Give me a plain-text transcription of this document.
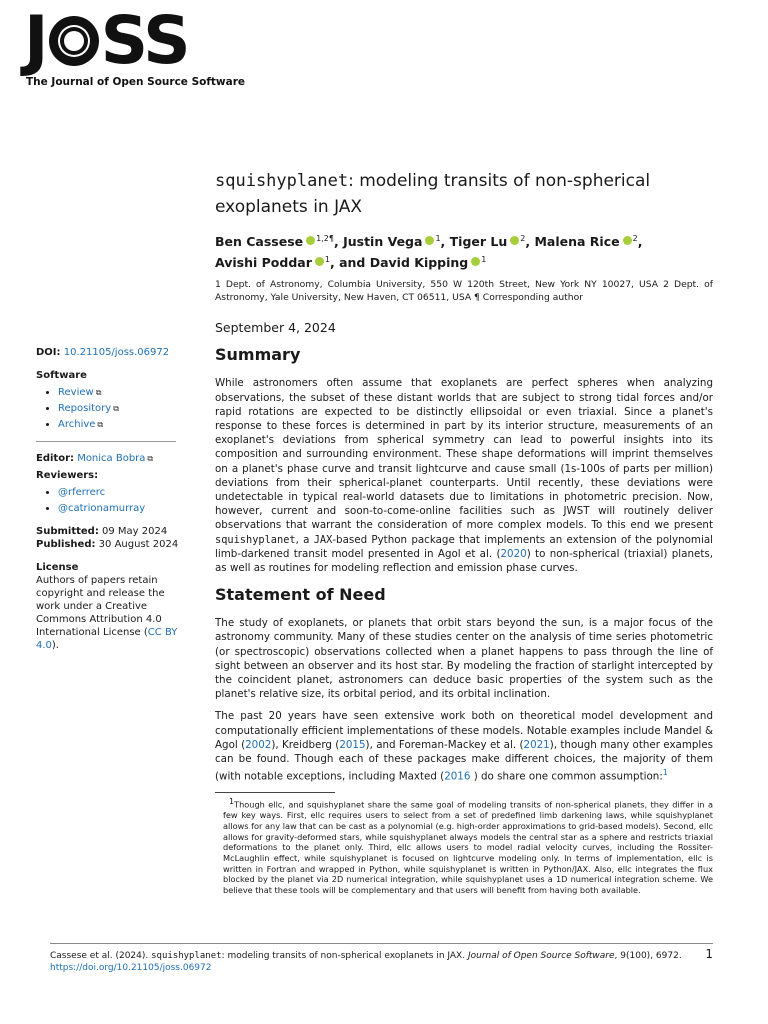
J SS
The Journal of Open Source Software
DOI: 10.21105/joss.06972
Software
• Review ⧉
• Repository ⧉
• Archive ⧉
Editor: Monica Bobra ⧉
Reviewers:
• @rferrerc
• @catrionamurray
Submitted: 09 May 2024
Published: 30 August 2024
License
Authors of papers retain copyright and release the work under a Creative Commons Attribution 4.0 International License (CC BY 4.0).
squishyplanet: modeling transits of non-spherical exoplanets in JAX
Ben Cassese $^{1,2\P}$, Justin Vega $^1$, Tiger Lu $^2$, Malena Rice $^2$,
Avishi Poddar $^1$, and David Kipping $^1$
1 Dept. of Astronomy, Columbia University, 550 W 120th Street, New York NY 10027, USA 2 Dept. of Astronomy, Yale University, New Haven, CT 06511, USA ¶ Corresponding author
September 4, 2024
Summary

While astronomers often assume that exoplanets are perfect spheres when analyzing observations, the subset of these distant worlds that are subject to strong tidal forces and/or rapid rotations are expected to be distinctly ellipsoidal or even triaxial. Since a planet's response to these forces is determined in part by its interior structure, measurements of an exoplanet's deviations from spherical symmetry can lead to powerful insights into its composition and surrounding environment. These shape deformations will imprint themselves on a planet's phase curve and transit lightcurve and cause small (1s-100s of parts per million) deviations from their spherical-planet counterparts. Until recently, these deviations were undetectable in typical real-world datasets due to limitations in photometric precision. Now, however, current and soon-to-come-online facilities such as JWST will routinely deliver observations that warrant the consideration of more complex models. To this end we present squishyplanet, a JAX-based Python package that implements an extension of the polynomial limb-darkened transit model presented in Agol et al. (2020) to non-spherical (triaxial) planets, as well as routines for modeling reflection and emission phase curves.

Statement of Need

The study of exoplanets, or planets that orbit stars beyond the sun, is a major focus of the astronomy community. Many of these studies center on the analysis of time series photometric (or spectroscopic) observations collected when a planet happens to pass through the line of sight between an observer and its host star. By modeling the fraction of starlight intercepted by the coincident planet, astronomers can deduce basic properties of the system such as the planet's relative size, its orbital period, and its orbital inclination.

The past 20 years have seen extensive work both on theoretical model development and computationally efficient implementations of these models. Notable examples include Mandel & Agol (2002), Kreidberg (2015), and Foreman-Mackey et al. (2021), though many other examples can be found. Though each of these packages make different choices, the majority of them (with notable exceptions, including Maxted (2016 ) do share one common assumption:$^1$

$^1$Though ellc, and squishyplanet share the same goal of modeling transits of non-spherical planets, they differ in a few key ways. First, ellc requires users to select from a set of predefined limb darkening laws, while squishyplanet allows for any law that can be cast as a polynomial (e.g. high-order approximations to grid-based models). Second, ellc allows for gravity-deformed stars, while squishyplanet always models the central star as a sphere and restricts triaxial deformations to the planet only. Third, ellc allows users to model radial velocity curves, including the Rossiter-McLaughlin effect, while squishyplanet is focused on lightcurve modeling only. In terms of implementation, ellc is written in Fortran and wrapped in Python, while squishyplanet is written in Python/JAX. Also, ellc integrates the flux blocked by the planet via 2D numerical integration, while squishyplanet uses a 1D numerical integration scheme. We believe that these tools will be complementary and that users will benefit from having both available.
Cassese et al. (2024). squishyplanet: modeling transits of non-spherical exoplanets in JAX. Journal of Open Source Software, 9(100), 6972.
https://doi.org/10.21105/joss.06972
1
